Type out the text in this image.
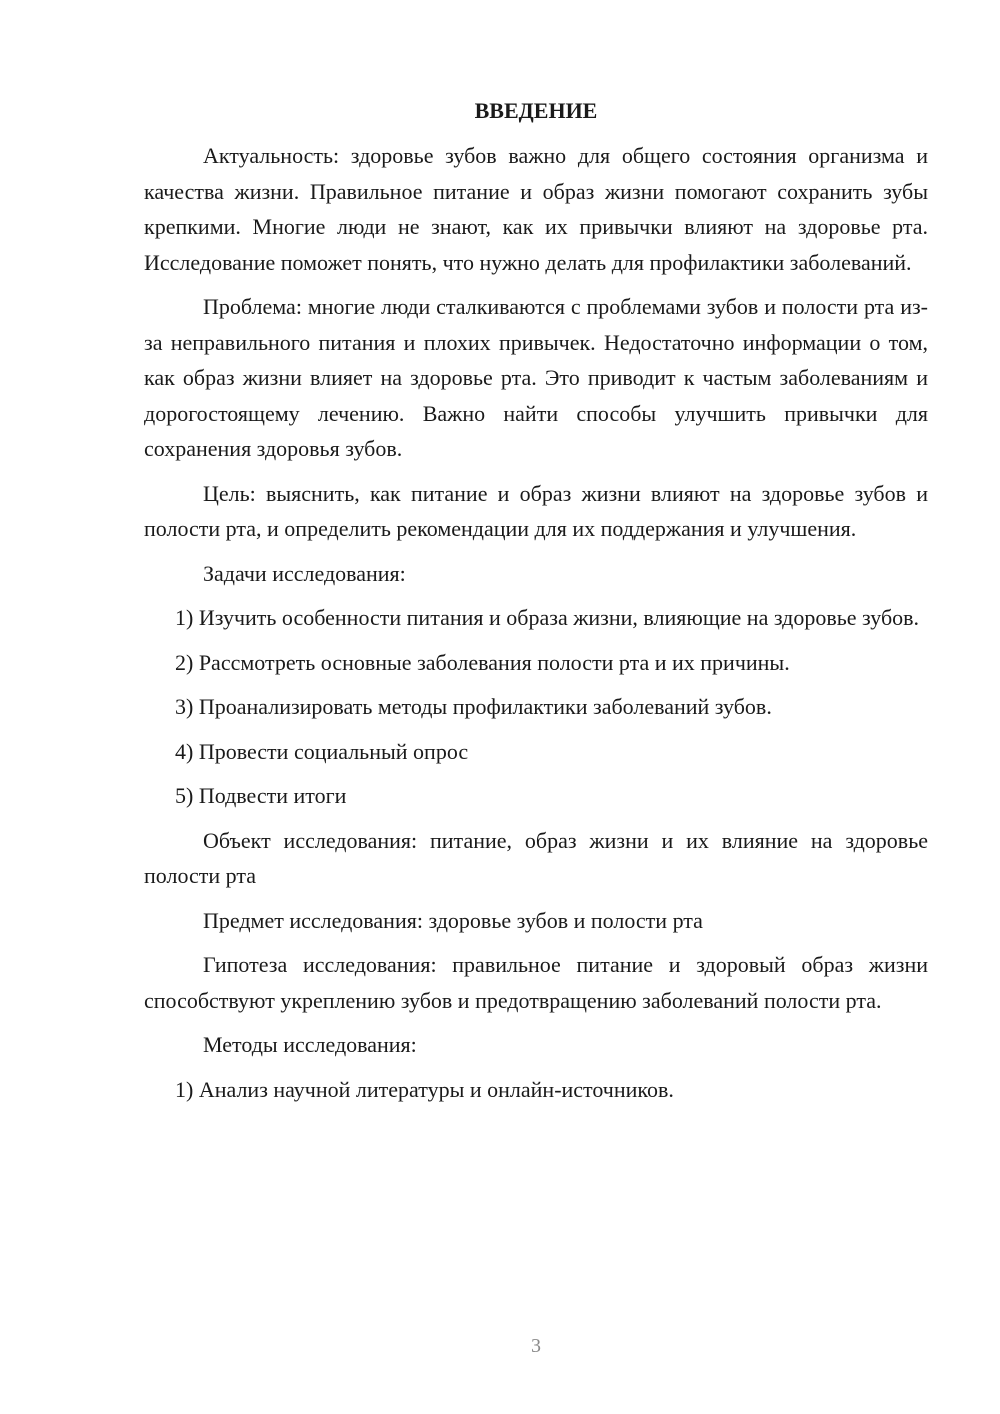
ВВЕДЕНИЕ

Актуальность: здоровье зубов важно для общего состояния организма и качества жизни. Правильное питание и образ жизни помогают сохранить зубы крепкими. Многие люди не знают, как их привычки влияют на здоровье рта. Исследование поможет понять, что нужно делать для профилактики заболеваний.

Проблема: многие люди сталкиваются с проблемами зубов и полости рта из-за неправильного питания и плохих привычек. Недостаточно информации о том, как образ жизни влияет на здоровье рта. Это приводит к частым заболеваниям и дорогостоящему лечению. Важно найти способы улучшить привычки для сохранения здоровья зубов.

Цель: выяснить, как питание и образ жизни влияют на здоровье зубов и полости рта, и определить рекомендации для их поддержания и улучшения.

Задачи исследования:

1) Изучить особенности питания и образа жизни, влияющие на здоровье зубов.

2) Рассмотреть основные заболевания полости рта и их причины.

3) Проанализировать методы профилактики заболеваний зубов.

4) Провести социальный опрос

5) Подвести итоги

Объект исследования: питание, образ жизни и их влияние на здоровье полости рта

Предмет исследования: здоровье зубов и полости рта

Гипотеза исследования: правильное питание и здоровый образ жизни способствуют укреплению зубов и предотвращению заболеваний полости рта.

Методы исследования:

1) Анализ научной литературы и онлайн-источников.

3
